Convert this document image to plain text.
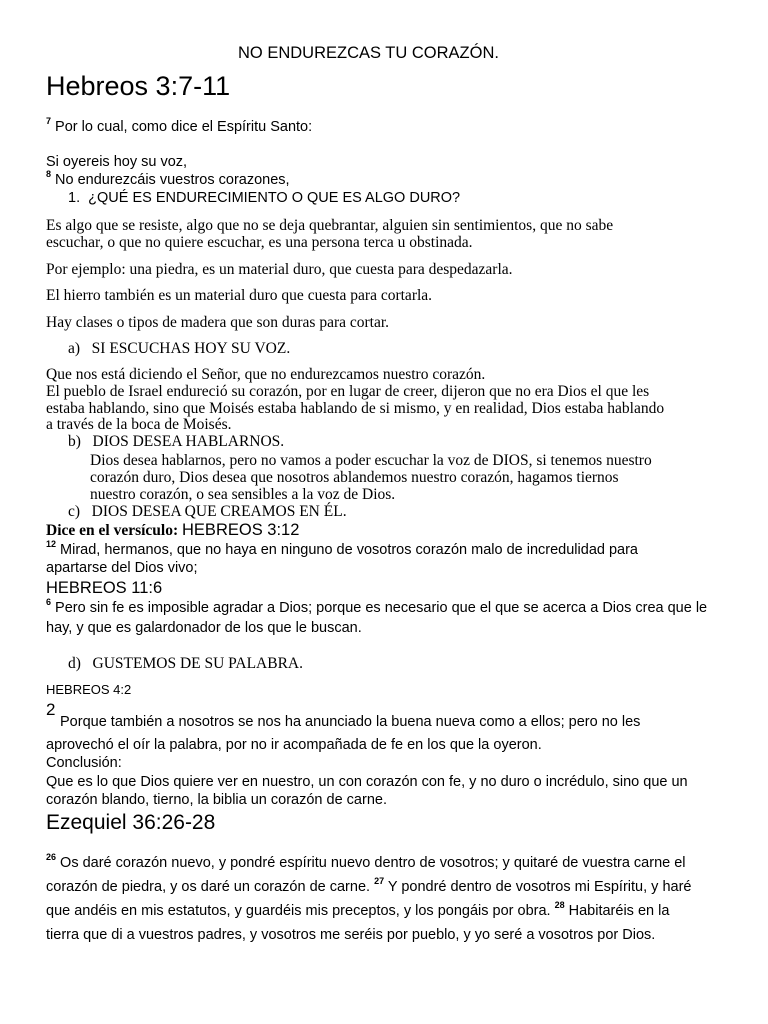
NO ENDUREZCAS TU CORAZÓN.
Hebreos 3:7-11
$^7$ Por lo cual, como dice el Espíritu Santo:
Si oyereis hoy su voz,
$^8$ No endurezcáis vuestros corazones,
1. ¿QUÉ ES ENDURECIMIENTO O QUE ES ALGO DURO?
Es algo que se resiste, algo que no se deja quebrantar, alguien sin sentimientos, que no sabe
escuchar, o que no quiere escuchar, es una persona terca u obstinada.
Por ejemplo: una piedra, es un material duro, que cuesta para despedazarla.
El hierro también es un material duro que cuesta para cortarla.
Hay clases o tipos de madera que son duras para cortar.
a) SI ESCUCHAS HOY SU VOZ.
Que nos está diciendo el Señor, que no endurezcamos nuestro corazón.
El pueblo de Israel endureció su corazón, por en lugar de creer, dijeron que no era Dios el que les
estaba hablando, sino que Moisés estaba hablando de si mismo, y en realidad, Dios estaba hablando
a través de la boca de Moisés.
b) DIOS DESEA HABLARNOS.
Dios desea hablarnos, pero no vamos a poder escuchar la voz de DIOS, si tenemos nuestro
corazón duro, Dios desea que nosotros ablandemos nuestro corazón, hagamos tiernos
nuestro corazón, o sea sensibles a la voz de Dios.
c) DIOS DESEA QUE CREAMOS EN ÉL.
Dice en el versículo: HEBREOS 3:12
$^{12}$ Mirad, hermanos, que no haya en ninguno de vosotros corazón malo de incredulidad para
apartarse del Dios vivo;
HEBREOS 11:6
$^6$ Pero sin fe es imposible agradar a Dios; porque es necesario que el que se acerca a Dios crea que le
hay, y que es galardonador de los que le buscan.
d) GUSTEMOS DE SU PALABRA.
HEBREOS 4:2
2
Porque también a nosotros se nos ha anunciado la buena nueva como a ellos; pero no les
aprovechó el oír la palabra, por no ir acompañada de fe en los que la oyeron.
Conclusión:
Que es lo que Dios quiere ver en nuestro, un con corazón con fe, y no duro o incrédulo, sino que un
corazón blando, tierno, la biblia un corazón de carne.
Ezequiel 36:26-28
$^{26}$ Os daré corazón nuevo, y pondré espíritu nuevo dentro de vosotros; y quitaré de vuestra carne el
corazón de piedra, y os daré un corazón de carne. $^{27}$ Y pondré dentro de vosotros mi Espíritu, y haré
que andéis en mis estatutos, y guardéis mis preceptos, y los pongáis por obra. $^{28}$ Habitaréis en la
tierra que di a vuestros padres, y vosotros me seréis por pueblo, y yo seré a vosotros por Dios.
